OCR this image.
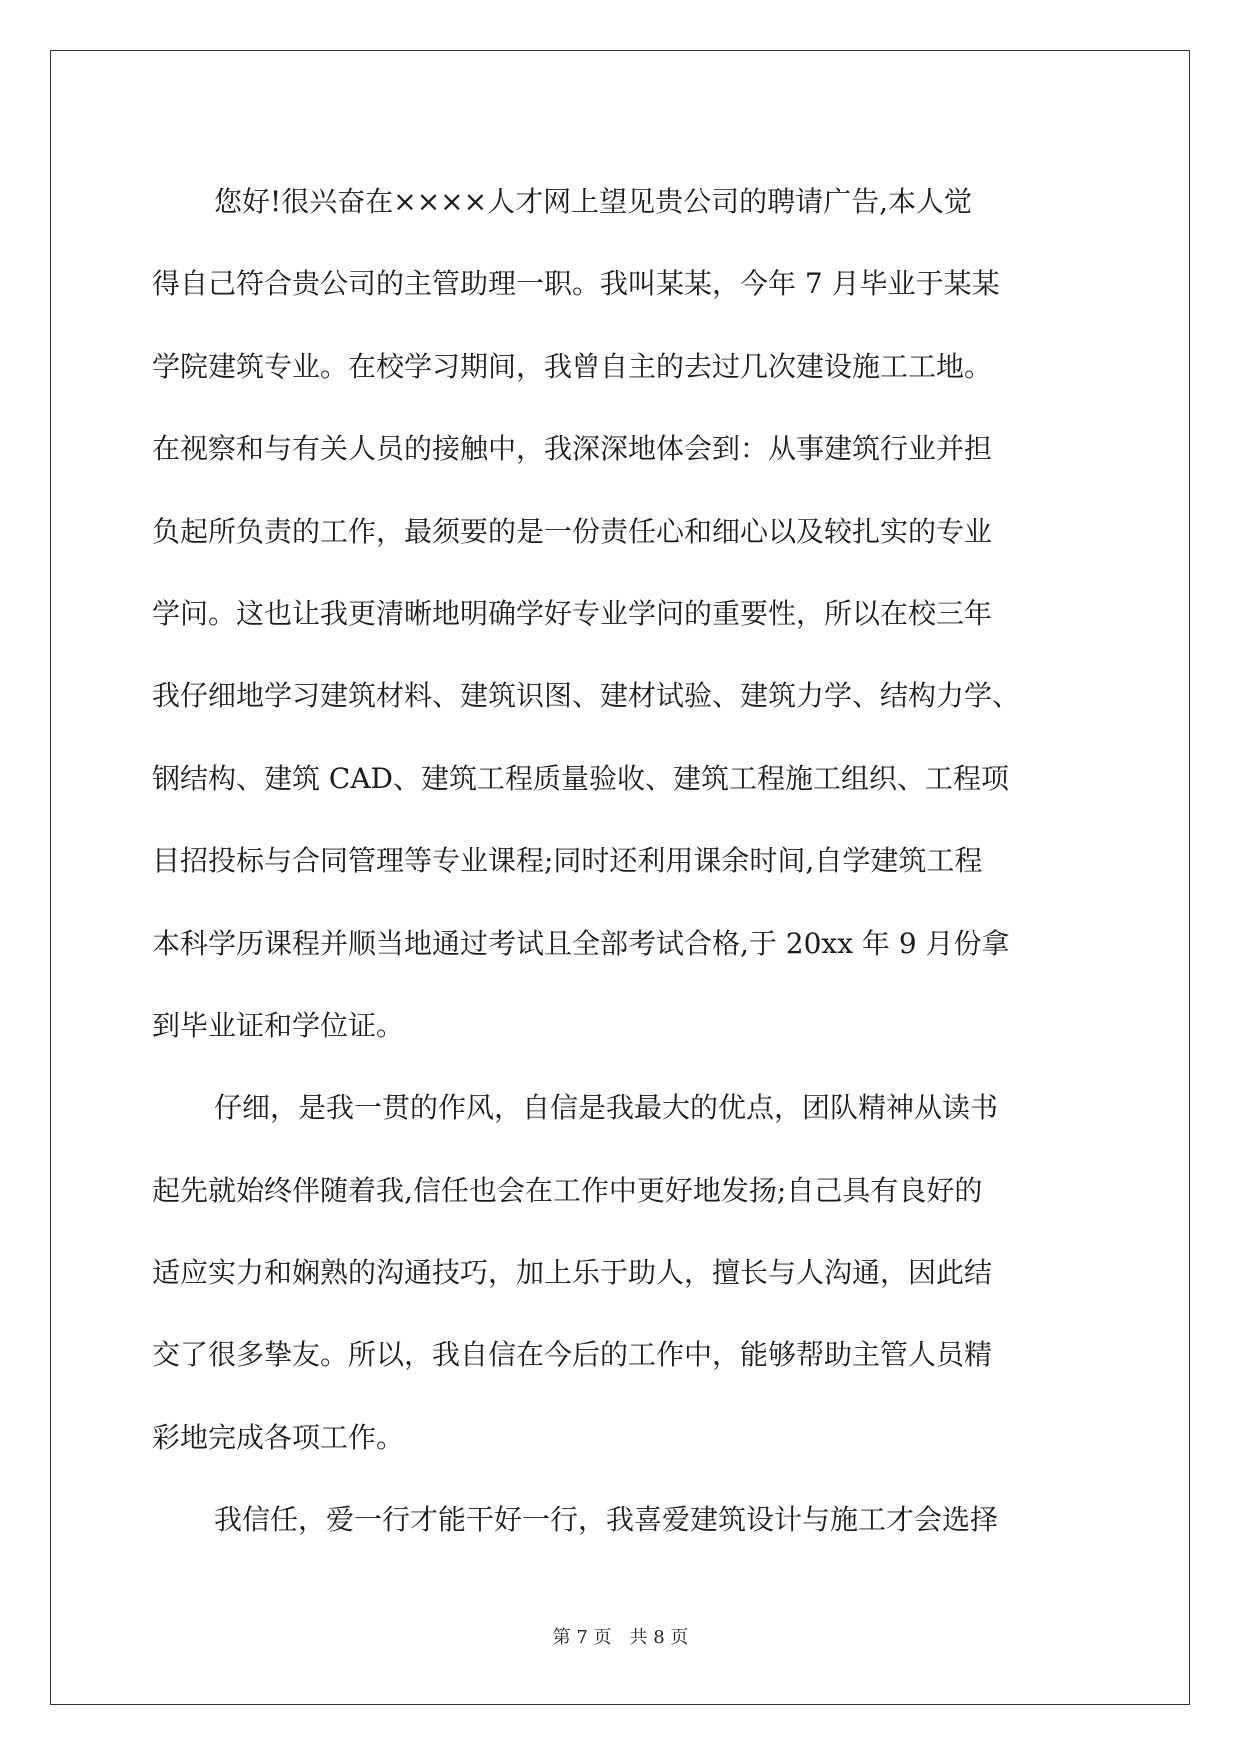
您好!很兴奋在××××人才网上望见贵公司的聘请广告,本人觉
得自己符合贵公司的主管助理一职。我叫某某，今年 7 月毕业于某某
学院建筑专业。在校学习期间，我曾自主的去过几次建设施工工地。
在视察和与有关人员的接触中，我深深地体会到：从事建筑行业并担
负起所负责的工作，最须要的是一份责任心和细心以及较扎实的专业
学问。这也让我更清晰地明确学好专业学问的重要性，所以在校三年
我仔细地学习建筑材料、建筑识图、建材试验、建筑力学、结构力学、
钢结构、建筑 CAD、建筑工程质量验收、建筑工程施工组织、工程项
目招投标与合同管理等专业课程;同时还利用课余时间,自学建筑工程
本科学历课程并顺当地通过考试且全部考试合格,于 20xx 年 9 月份拿
到毕业证和学位证。
仔细，是我一贯的作风，自信是我最大的优点，团队精神从读书
起先就始终伴随着我,信任也会在工作中更好地发扬;自己具有良好的
适应实力和娴熟的沟通技巧，加上乐于助人，擅长与人沟通，因此结
交了很多挚友。所以，我自信在今后的工作中，能够帮助主管人员精
彩地完成各项工作。
我信任，爱一行才能干好一行，我喜爱建筑设计与施工才会选择
第 7 页 共 8 页
